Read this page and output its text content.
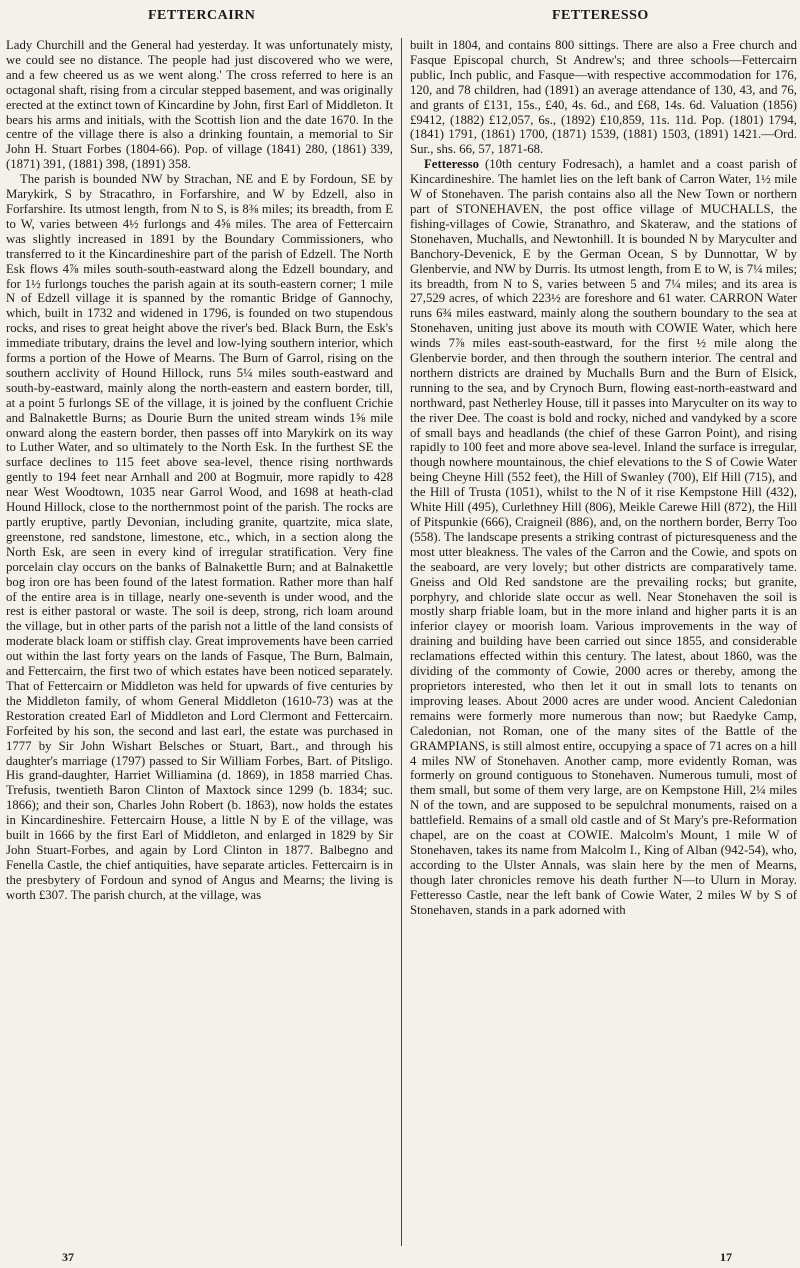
FETTERCAIRN	FETTERESSO

Lady Churchill and the General had yesterday. It was unfortunately misty, we could see no distance. The people had just discovered who we were, and a few cheered us as we went along.' The cross referred to here is an octagonal shaft, rising from a circular stepped basement, and was originally erected at the extinct town of Kincardine by John, first Earl of Middleton. It bears his arms and initials, with the Scottish lion and the date 1670. In the centre of the village there is also a drinking fountain, a memorial to Sir John H. Stuart Forbes (1804-66). Pop. of village (1841) 280, (1861) 339, (1871) 391, (1881) 398, (1891) 358.

The parish is bounded NW by Strachan, NE and E by Fordoun, SE by Marykirk, S by Stracathro, in Forfarshire, and W by Edzell, also in Forfarshire. Its utmost length, from N to S, is 8⅜ miles; its breadth, from E to W, varies between 4½ furlongs and 4⅝ miles. The area of Fettercairn was slightly increased in 1891 by the Boundary Commissioners, who transferred to it the Kincardineshire part of the parish of Edzell. The North Esk flows 4⅞ miles south-south-eastward along the Edzell boundary, and for 1½ furlongs touches the parish again at its south-eastern corner; 1 mile N of Edzell village it is spanned by the romantic Bridge of Gannochy, which, built in 1732 and widened in 1796, is founded on two stupendous rocks, and rises to great height above the river's bed. Black Burn, the Esk's immediate tributary, drains the level and low-lying southern interior, which forms a portion of the Howe of Mearns. The Burn of Garrol, rising on the southern acclivity of Hound Hillock, runs 5¼ miles south-eastward and south-by-eastward, mainly along the north-eastern and eastern border, till, at a point 5 furlongs SE of the village, it is joined by the confluent Crichie and Balnakettle Burns; as Dourie Burn the united stream winds 1⅝ mile onward along the eastern border, then passes off into Marykirk on its way to Luther Water, and so ultimately to the North Esk. In the furthest SE the surface declines to 115 feet above sea-level, thence rising northwards gently to 194 feet near Arnhall and 200 at Bogmuir, more rapidly to 428 near West Woodtown, 1035 near Garrol Wood, and 1698 at heath-clad Hound Hillock, close to the northernmost point of the parish. The rocks are partly eruptive, partly Devonian, including granite, quartzite, mica slate, greenstone, red sandstone, limestone, etc., which, in a section along the North Esk, are seen in every kind of irregular stratification. Very fine porcelain clay occurs on the banks of Balnakettle Burn; and at Balnakettle bog iron ore has been found of the latest formation. Rather more than half of the entire area is in tillage, nearly one-seventh is under wood, and the rest is either pastoral or waste. The soil is deep, strong, rich loam around the village, but in other parts of the parish not a little of the land consists of moderate black loam or stiffish clay. Great improvements have been carried out within the last forty years on the lands of Fasque, The Burn, Balmain, and Fettercairn, the first two of which estates have been noticed separately. That of Fettercairn or Middleton was held for upwards of five centuries by the Middleton family, of whom General Middleton (1610-73) was at the Restoration created Earl of Middleton and Lord Clermont and Fettercairn. Forfeited by his son, the second and last earl, the estate was purchased in 1777 by Sir John Wishart Belsches or Stuart, Bart., and through his daughter's marriage (1797) passed to Sir William Forbes, Bart. of Pitsligo. His grand-daughter, Harriet Williamina (d. 1869), in 1858 married Chas. Trefusis, twentieth Baron Clinton of Maxtock since 1299 (b. 1834; suc. 1866); and their son, Charles John Robert (b. 1863), now holds the estates in Kincardineshire. Fettercairn House, a little N by E of the village, was built in 1666 by the first Earl of Middleton, and enlarged in 1829 by Sir John Stuart-Forbes, and again by Lord Clinton in 1877. Balbegno and Fenella Castle, the chief antiquities, have separate articles. Fettercairn is in the presbytery of Fordoun and synod of Angus and Mearns; the living is worth £307. The parish church, at the village, was

built in 1804, and contains 800 sittings. There are also a Free church and Fasque Episcopal church, St Andrew's; and three schools—Fettercairn public, Inch public, and Fasque—with respective accommodation for 176, 120, and 78 children, had (1891) an average attendance of 130, 43, and 76, and grants of £131, 15s., £40, 4s. 6d., and £68, 14s. 6d. Valuation (1856) £9412, (1882) £12,057, 6s., (1892) £10,859, 11s. 11d. Pop. (1801) 1794, (1841) 1791, (1861) 1700, (1871) 1539, (1881) 1503, (1891) 1421.—Ord. Sur., shs. 66, 57, 1871-68.

Fetteresso (10th century Fodresach), a hamlet and a coast parish of Kincardineshire. The hamlet lies on the left bank of Carron Water, 1½ mile W of Stonehaven. The parish contains also all the New Town or northern part of STONEHAVEN, the post office village of MUCHALLS, the fishing-villages of Cowie, Stranathro, and Skateraw, and the stations of Stonehaven, Muchalls, and Newtonhill. It is bounded N by Maryculter and Banchory-Devenick, E by the German Ocean, S by Dunnottar, W by Glenbervie, and NW by Durris. Its utmost length, from E to W, is 7¼ miles; its breadth, from N to S, varies between 5 and 7¼ miles; and its area is 27,529 acres, of which 223½ are foreshore and 61 water. CARRON Water runs 6¾ miles eastward, mainly along the southern boundary to the sea at Stonehaven, uniting just above its mouth with COWIE Water, which here winds 7⅞ miles east-south-eastward, for the first ½ mile along the Glenbervie border, and then through the southern interior. The central and northern districts are drained by Muchalls Burn and the Burn of Elsick, running to the sea, and by Crynoch Burn, flowing east-north-eastward and northward, past Netherley House, till it passes into Maryculter on its way to the river Dee. The coast is bold and rocky, niched and vandyked by a score of small bays and headlands (the chief of these Garron Point), and rising rapidly to 100 feet and more above sea-level. Inland the surface is irregular, though nowhere mountainous, the chief elevations to the S of Cowie Water being Cheyne Hill (552 feet), the Hill of Swanley (700), Elf Hill (715), and the Hill of Trusta (1051), whilst to the N of it rise Kempstone Hill (432), White Hill (495), Curlethney Hill (806), Meikle Carewe Hill (872), the Hill of Pitspunkie (666), Craigneil (886), and, on the northern border, Berry Too (558). The landscape presents a striking contrast of picturesqueness and the most utter bleakness. The vales of the Carron and the Cowie, and spots on the seaboard, are very lovely; but other districts are comparatively tame. Gneiss and Old Red sandstone are the prevailing rocks; but granite, porphyry, and chloride slate occur as well. Near Stonehaven the soil is mostly sharp friable loam, but in the more inland and higher parts it is an inferior clayey or moorish loam. Various improvements in the way of draining and building have been carried out since 1855, and considerable reclamations effected within this century. The latest, about 1860, was the dividing of the commonty of Cowie, 2000 acres or thereby, among the proprietors interested, who then let it out in small lots to tenants on improving leases. About 2000 acres are under wood. Ancient Caledonian remains were formerly more numerous than now; but Raedyke Camp, Caledonian, not Roman, one of the many sites of the Battle of the GRAMPIANS, is still almost entire, occupying a space of 71 acres on a hill 4 miles NW of Stonehaven. Another camp, more evidently Roman, was formerly on ground contiguous to Stonehaven. Numerous tumuli, most of them small, but some of them very large, are on Kempstone Hill, 2¼ miles N of the town, and are supposed to be sepulchral monuments, raised on a battlefield. Remains of a small old castle and of St Mary's pre-Reformation chapel, are on the coast at COWIE. Malcolm's Mount, 1 mile W of Stonehaven, takes its name from Malcolm I., King of Alban (942-54), who, according to the Ulster Annals, was slain here by the men of Mearns, though later chronicles remove his death further N—to Ulurn in Moray. Fetteresso Castle, near the left bank of Cowie Water, 2 miles W by S of Stonehaven, stands in a park adorned with

37	17
